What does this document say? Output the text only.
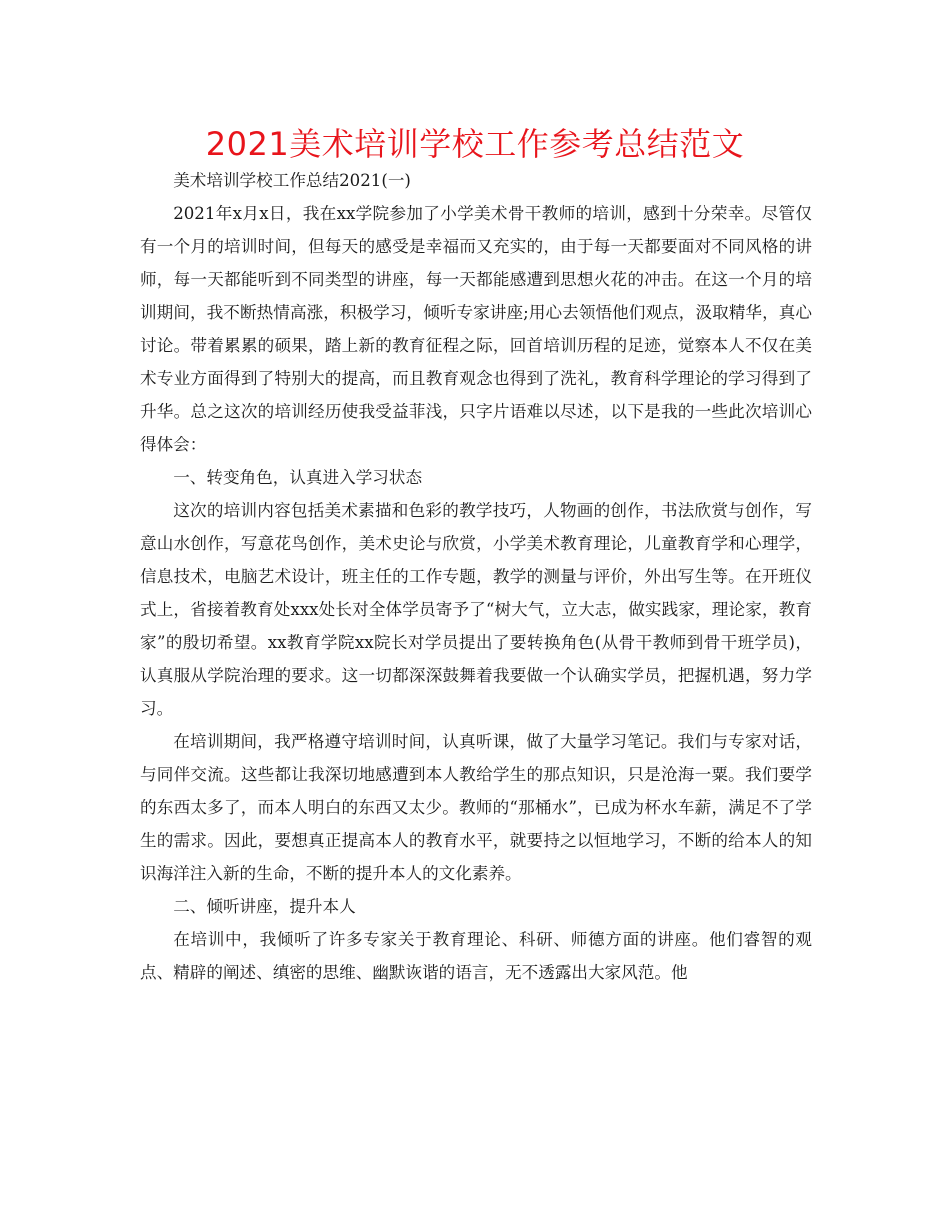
2021美术培训学校工作参考总结范文

美术培训学校工作总结2021(一)

2021年x月x日，我在xx学院参加了小学美术骨干教师的培训，感到十分荣幸。尽管仅有一个月的培训时间，但每天的感受是幸福而又充实的，由于每一天都要面对不同风格的讲师，每一天都能听到不同类型的讲座，每一天都能感遭到思想火花的冲击。在这一个月的培训期间，我不断热情高涨，积极学习，倾听专家讲座;用心去领悟他们观点，汲取精华，真心讨论。带着累累的硕果，踏上新的教育征程之际，回首培训历程的足迹，觉察本人不仅在美术专业方面得到了特别大的提高，而且教育观念也得到了洗礼，教育科学理论的学习得到了升华。总之这次的培训经历使我受益菲浅，只字片语难以尽述，以下是我的一些此次培训心得体会：

一、转变角色，认真进入学习状态

这次的培训内容包括美术素描和色彩的教学技巧，人物画的创作，书法欣赏与创作，写意山水创作，写意花鸟创作，美术史论与欣赏，小学美术教育理论，儿童教育学和心理学，信息技术，电脑艺术设计，班主任的工作专题，教学的测量与评价，外出写生等。在开班仪式上，省接着教育处xxx处长对全体学员寄予了“树大气，立大志，做实践家，理论家，教育家”的殷切希望。xx教育学院xx院长对学员提出了要转换角色(从骨干教师到骨干班学员)，认真服从学院治理的要求。这一切都深深鼓舞着我要做一个认确实学员，把握机遇，努力学习。

在培训期间，我严格遵守培训时间，认真听课，做了大量学习笔记。我们与专家对话，与同伴交流。这些都让我深切地感遭到本人教给学生的那点知识，只是沧海一粟。我们要学的东西太多了，而本人明白的东西又太少。教师的“那桶水”，已成为杯水车薪，满足不了学生的需求。因此，要想真正提高本人的教育水平，就要持之以恒地学习，不断的给本人的知识海洋注入新的生命，不断的提升本人的文化素养。

二、倾听讲座，提升本人

在培训中，我倾听了许多专家关于教育理论、科研、师德方面的讲座。他们睿智的观点、精辟的阐述、缜密的思维、幽默诙谐的语言，无不透露出大家风范。他
